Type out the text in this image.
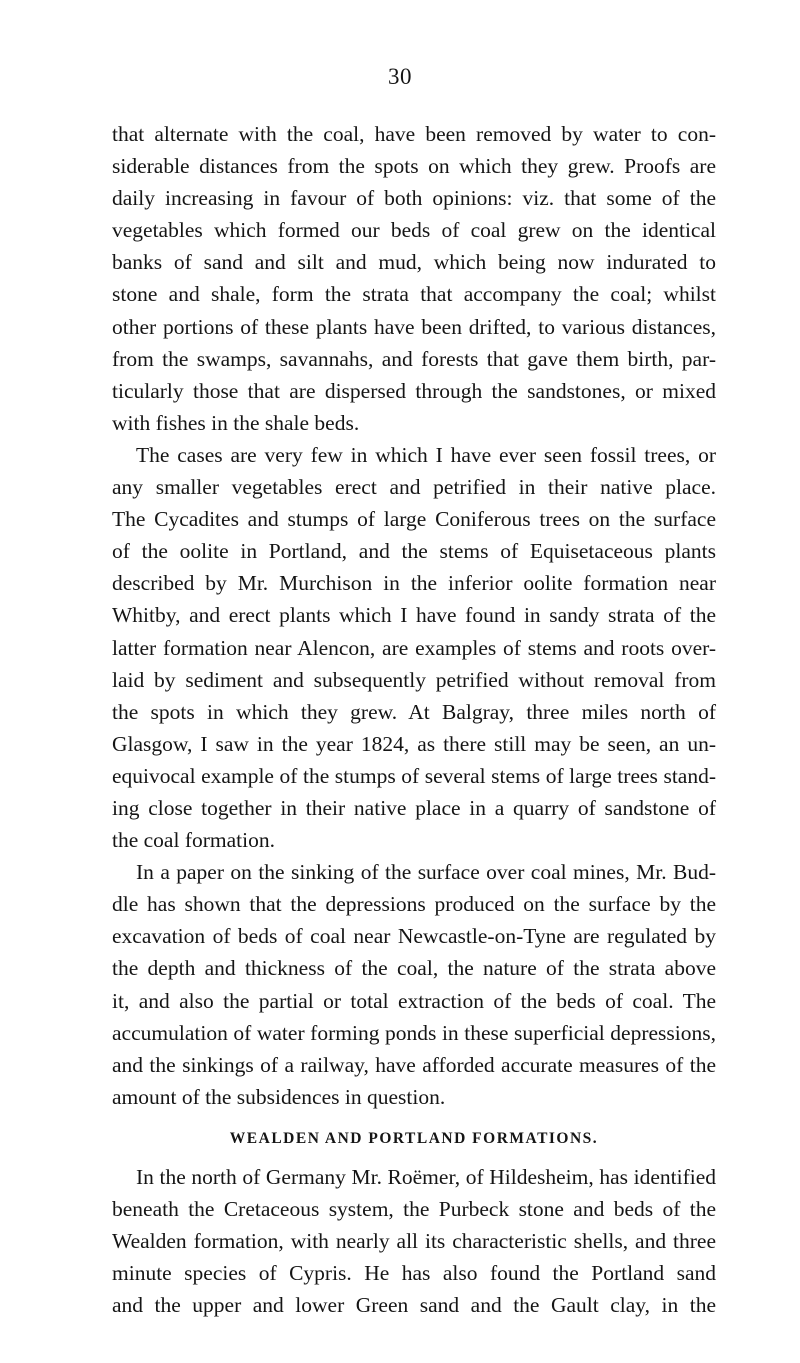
30

that alternate with the coal, have been removed by water to con-
siderable distances from the spots on which they grew. Proofs are
daily increasing in favour of both opinions: viz. that some of the
vegetables which formed our beds of coal grew on the identical
banks of sand and silt and mud, which being now indurated to
stone and shale, form the strata that accompany the coal; whilst
other portions of these plants have been drifted, to various distances,
from the swamps, savannahs, and forests that gave them birth, par-
ticularly those that are dispersed through the sandstones, or mixed
with fishes in the shale beds.

The cases are very few in which I have ever seen fossil trees, or
any smaller vegetables erect and petrified in their native place.
The Cycadites and stumps of large Coniferous trees on the surface
of the oolite in Portland, and the stems of Equisetaceous plants
described by Mr. Murchison in the inferior oolite formation near
Whitby, and erect plants which I have found in sandy strata of the
latter formation near Alencon, are examples of stems and roots over-
laid by sediment and subsequently petrified without removal from
the spots in which they grew. At Balgray, three miles north of
Glasgow, I saw in the year 1824, as there still may be seen, an un-
equivocal example of the stumps of several stems of large trees stand-
ing close together in their native place in a quarry of sandstone of
the coal formation.

In a paper on the sinking of the surface over coal mines, Mr. Bud-
dle has shown that the depressions produced on the surface by the
excavation of beds of coal near Newcastle-on-Tyne are regulated by
the depth and thickness of the coal, the nature of the strata above
it, and also the partial or total extraction of the beds of coal. The
accumulation of water forming ponds in these superficial depressions,
and the sinkings of a railway, have afforded accurate measures of the
amount of the subsidences in question.

WEALDEN AND PORTLAND FORMATIONS.

In the north of Germany Mr. Roëmer, of Hildesheim, has identified
beneath the Cretaceous system, the Purbeck stone and beds of the
Wealden formation, with nearly all its characteristic shells, and three
minute species of Cypris. He has also found the Portland sand
and the upper and lower Green sand and the Gault clay, in the
